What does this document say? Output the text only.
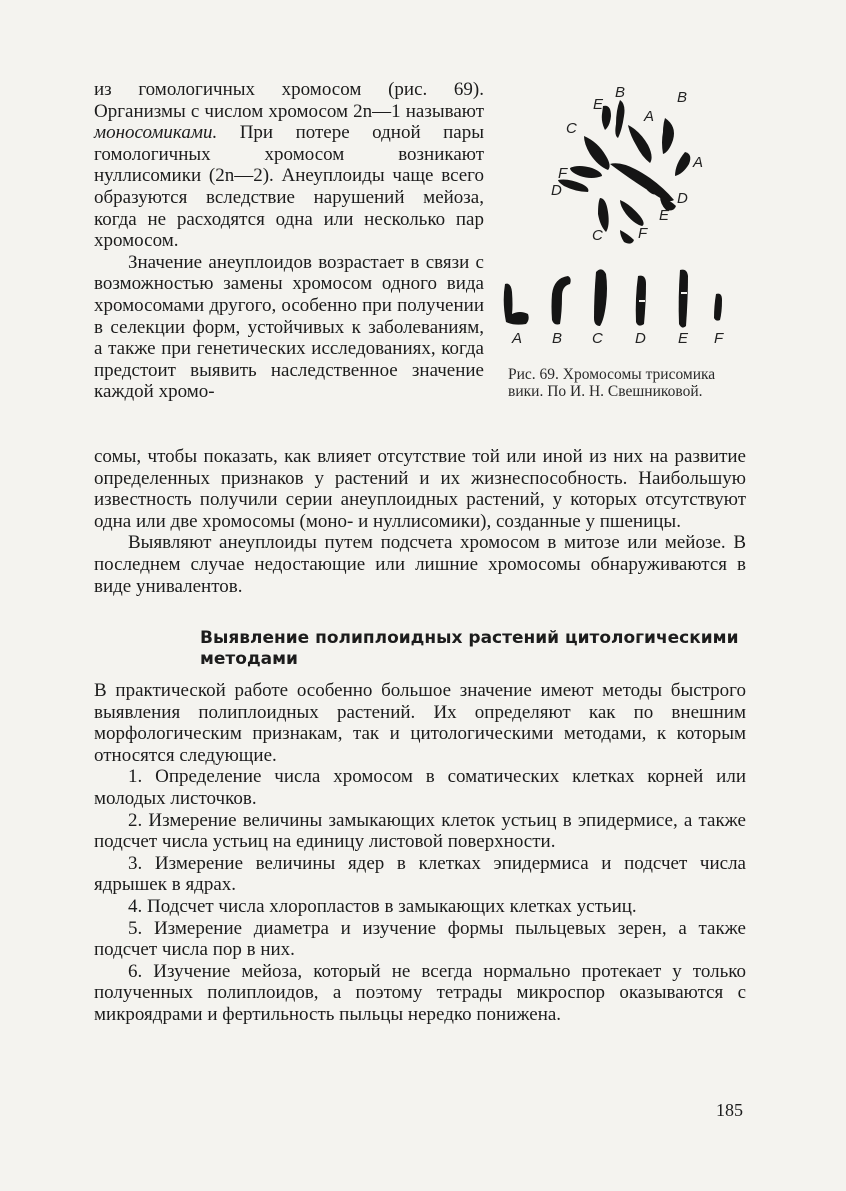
из гомологичных хромосом (рис. 69). Организмы с числом хромосом 2n—1 называют моносомиками. При потере одной пары гомологичных хромосом возникают нуллисомики (2n—2). Анеуплоиды чаще всего образуются вследствие нарушений мейоза, когда не расходятся одна или несколько пар хромосом.

Значение анеуплоидов возрастает в связи с возможностью замены хромосом одного вида хромосомами другого, особенно при получении в селекции форм, устойчивых к заболеваниям, а также при генетических исследованиях, когда предстоит выявить наследственное значение каждой хромо-

E
B	B
A
C
A
F
D	D
E
C F
A B C D E F
Рис. 69. Хромосомы трисомика вики. По И. Н. Свешниковой.

сомы, чтобы показать, как влияет отсутствие той или иной из них на развитие определенных признаков у растений и их жизнеспособность. Наибольшую известность получили серии анеуплоидных растений, у которых отсутствуют одна или две хромосомы (моно- и нуллисомики), созданные у пшеницы.

Выявляют анеуплоиды путем подсчета хромосом в митозе или мейозе. В последнем случае недостающие или лишние хромосомы обнаруживаются в виде унивалентов.

Выявление полиплоидных растений цитологическими методами

В практической работе особенно большое значение имеют методы быстрого выявления полиплоидных растений. Их определяют как по внешним морфологическим признакам, так и цитологическими методами, к которым относятся следующие.

1. Определение числа хромосом в соматических клетках корней или молодых листочков.

2. Измерение величины замыкающих клеток устьиц в эпидермисе, а также подсчет числа устьиц на единицу листовой поверхности.

3. Измерение величины ядер в клетках эпидермиса и подсчет числа ядрышек в ядрах.

4. Подсчет числа хлоропластов в замыкающих клетках устьиц.

5. Измерение диаметра и изучение формы пыльцевых зерен, а также подсчет числа пор в них.

6. Изучение мейоза, который не всегда нормально протекает у только полученных полиплоидов, а поэтому тетрады микроспор оказываются с микроядрами и фертильность пыльцы нередко понижена.

185
